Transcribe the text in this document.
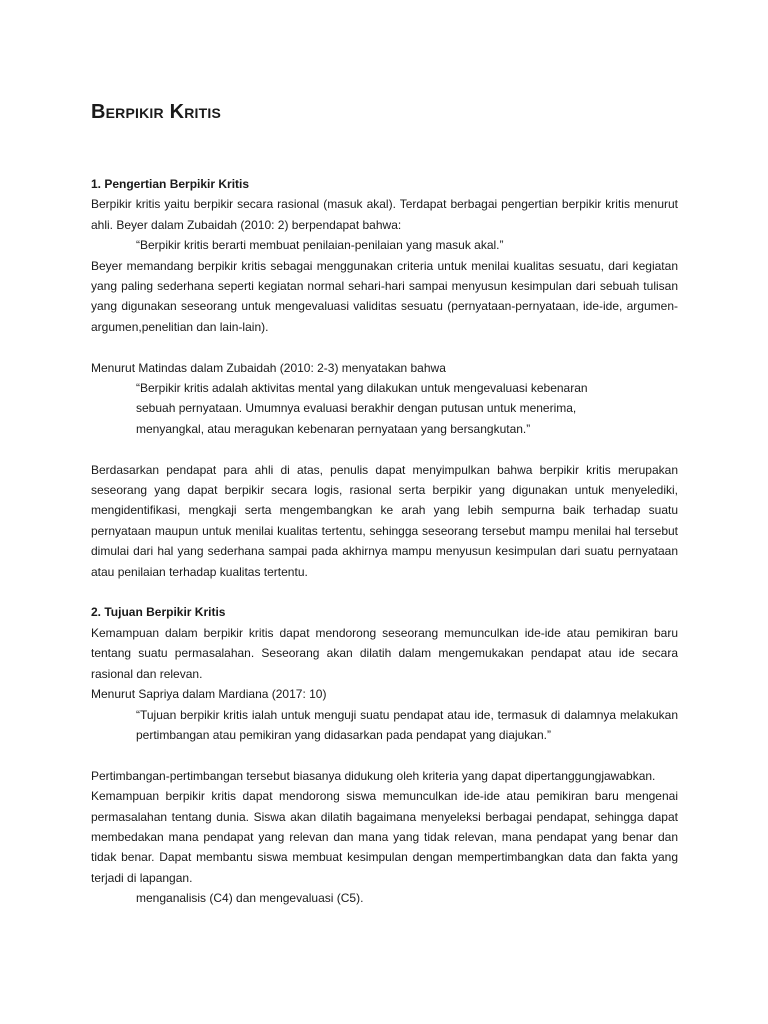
Berpikir Kritis
1. Pengertian Berpikir Kritis

Berpikir kritis yaitu berpikir secara rasional (masuk akal). Terdapat berbagai pengertian berpikir kritis menurut ahli. Beyer dalam Zubaidah (2010: 2) berpendapat bahwa:

“Berpikir kritis berarti membuat penilaian-penilaian yang masuk akal.”

Beyer memandang berpikir kritis sebagai menggunakan criteria untuk menilai kualitas sesuatu, dari kegiatan yang paling sederhana seperti kegiatan normal sehari-hari sampai menyusun kesimpulan dari sebuah tulisan yang digunakan seseorang untuk mengevaluasi validitas sesuatu (pernyataan-pernyataan, ide-ide, argumen-argumen,penelitian dan lain-lain).

Menurut Matindas dalam Zubaidah (2010: 2-3) menyatakan bahwa

“Berpikir kritis adalah aktivitas mental yang dilakukan untuk mengevaluasi kebenaran sebuah pernyataan. Umumnya evaluasi berakhir dengan putusan untuk menerima, menyangkal, atau meragukan kebenaran pernyataan yang bersangkutan.”

Berdasarkan pendapat para ahli di atas, penulis dapat menyimpulkan bahwa berpikir kritis merupakan seseorang yang dapat berpikir secara logis, rasional serta berpikir yang digunakan untuk menyelediki, mengidentifikasi, mengkaji serta mengembangkan ke arah yang lebih sempurna baik terhadap suatu pernyataan maupun untuk menilai kualitas tertentu, sehingga seseorang tersebut mampu menilai hal tersebut dimulai dari hal yang sederhana sampai pada akhirnya mampu menyusun kesimpulan dari suatu pernyataan atau penilaian terhadap kualitas tertentu.

2. Tujuan Berpikir Kritis

Kemampuan dalam berpikir kritis dapat mendorong seseorang memunculkan ide-ide atau pemikiran baru tentang suatu permasalahan. Seseorang akan dilatih dalam mengemukakan pendapat atau ide secara rasional dan relevan.

Menurut Sapriya dalam Mardiana (2017: 10)

“Tujuan berpikir kritis ialah untuk menguji suatu pendapat atau ide, termasuk di dalamnya melakukan pertimbangan atau pemikiran yang didasarkan pada pendapat yang diajukan.”

Pertimbangan-pertimbangan tersebut biasanya didukung oleh kriteria yang dapat dipertanggungjawabkan.

Kemampuan berpikir kritis dapat mendorong siswa memunculkan ide-ide atau pemikiran baru mengenai permasalahan tentang dunia. Siswa akan dilatih bagaimana menyeleksi berbagai pendapat, sehingga dapat membedakan mana pendapat yang relevan dan mana yang tidak relevan, mana pendapat yang benar dan tidak benar. Dapat membantu siswa membuat kesimpulan dengan mempertimbangkan data dan fakta yang terjadi di lapangan.

menganalisis (C4) dan mengevaluasi (C5).
